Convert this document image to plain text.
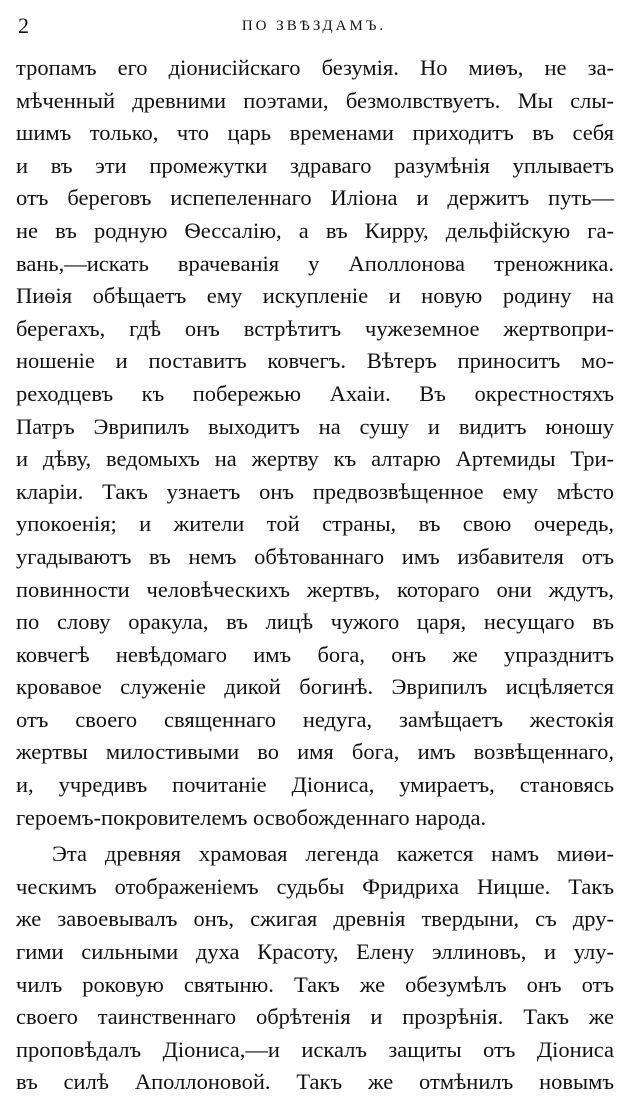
2	ПО ЗВѢЗДАМЪ.
тропамъ его діонисійскаго безумія. Но миѳъ, не за-
мѣченный древними поэтами, безмолвствуетъ. Мы слы-
шимъ только, что царь временами приходитъ въ себя
и въ эти промежутки здраваго разумѣнія уплываетъ
отъ береговъ испепеленнаго Иліона и держитъ путь—
не въ родную Ѳессалію, а въ Кирру, дельфійскую га-
вань,—искать врачеванія у Аполлонова треножника.
Пиѳія обѣщаетъ ему искупленіе и новую родину на
берегахъ, гдѣ онъ встрѣтитъ чужеземное жертвопри-
ношеніе и поставитъ ковчегъ. Вѣтеръ приноситъ мо-
реходцевъ къ побережью Ахаіи. Въ окрестностяхъ
Патръ Эврипилъ выходитъ на сушу и видитъ юношу
и дѣву, ведомыхъ на жертву къ алтарю Артемиды Три-
кларіи. Такъ узнаетъ онъ предвозвѣщенное ему мѣсто
упокоенія; и жители той страны, въ свою очередь,
угадываютъ въ немъ обѣтованнаго имъ избавителя отъ
повинности человѣческихъ жертвъ, котораго они ждутъ,
по слову оракула, въ лицѣ чужого царя, несущаго въ
ковчегѣ невѣдомаго имъ бога, онъ же упразднитъ
кровавое служеніе дикой богинѣ. Эврипилъ исцѣляется
отъ своего священнаго недуга, замѣщаетъ жестокія
жертвы милостивыми во имя бога, имъ возвѣщеннаго,
и, учредивъ почитаніе Діониса, умираетъ, становясь
героемъ-покровителемъ освобожденнаго народа.
Эта древняя храмовая легенда кажется намъ миѳи-
ческимъ отображеніемъ судьбы Фридриха Ницше. Такъ
же завоевывалъ онъ, сжигая древнія твердыни, съ дру-
гими сильными духа Красоту, Елену эллиновъ, и улу-
чилъ роковую святыню. Такъ же обезумѣлъ онъ отъ
своего таинственнаго обрѣтенія и прозрѣнія. Такъ же
проповѣдалъ Діониса,—и искалъ защиты отъ Діониса
въ силѣ Аполлоновой. Такъ же отмѣнилъ новымъ
